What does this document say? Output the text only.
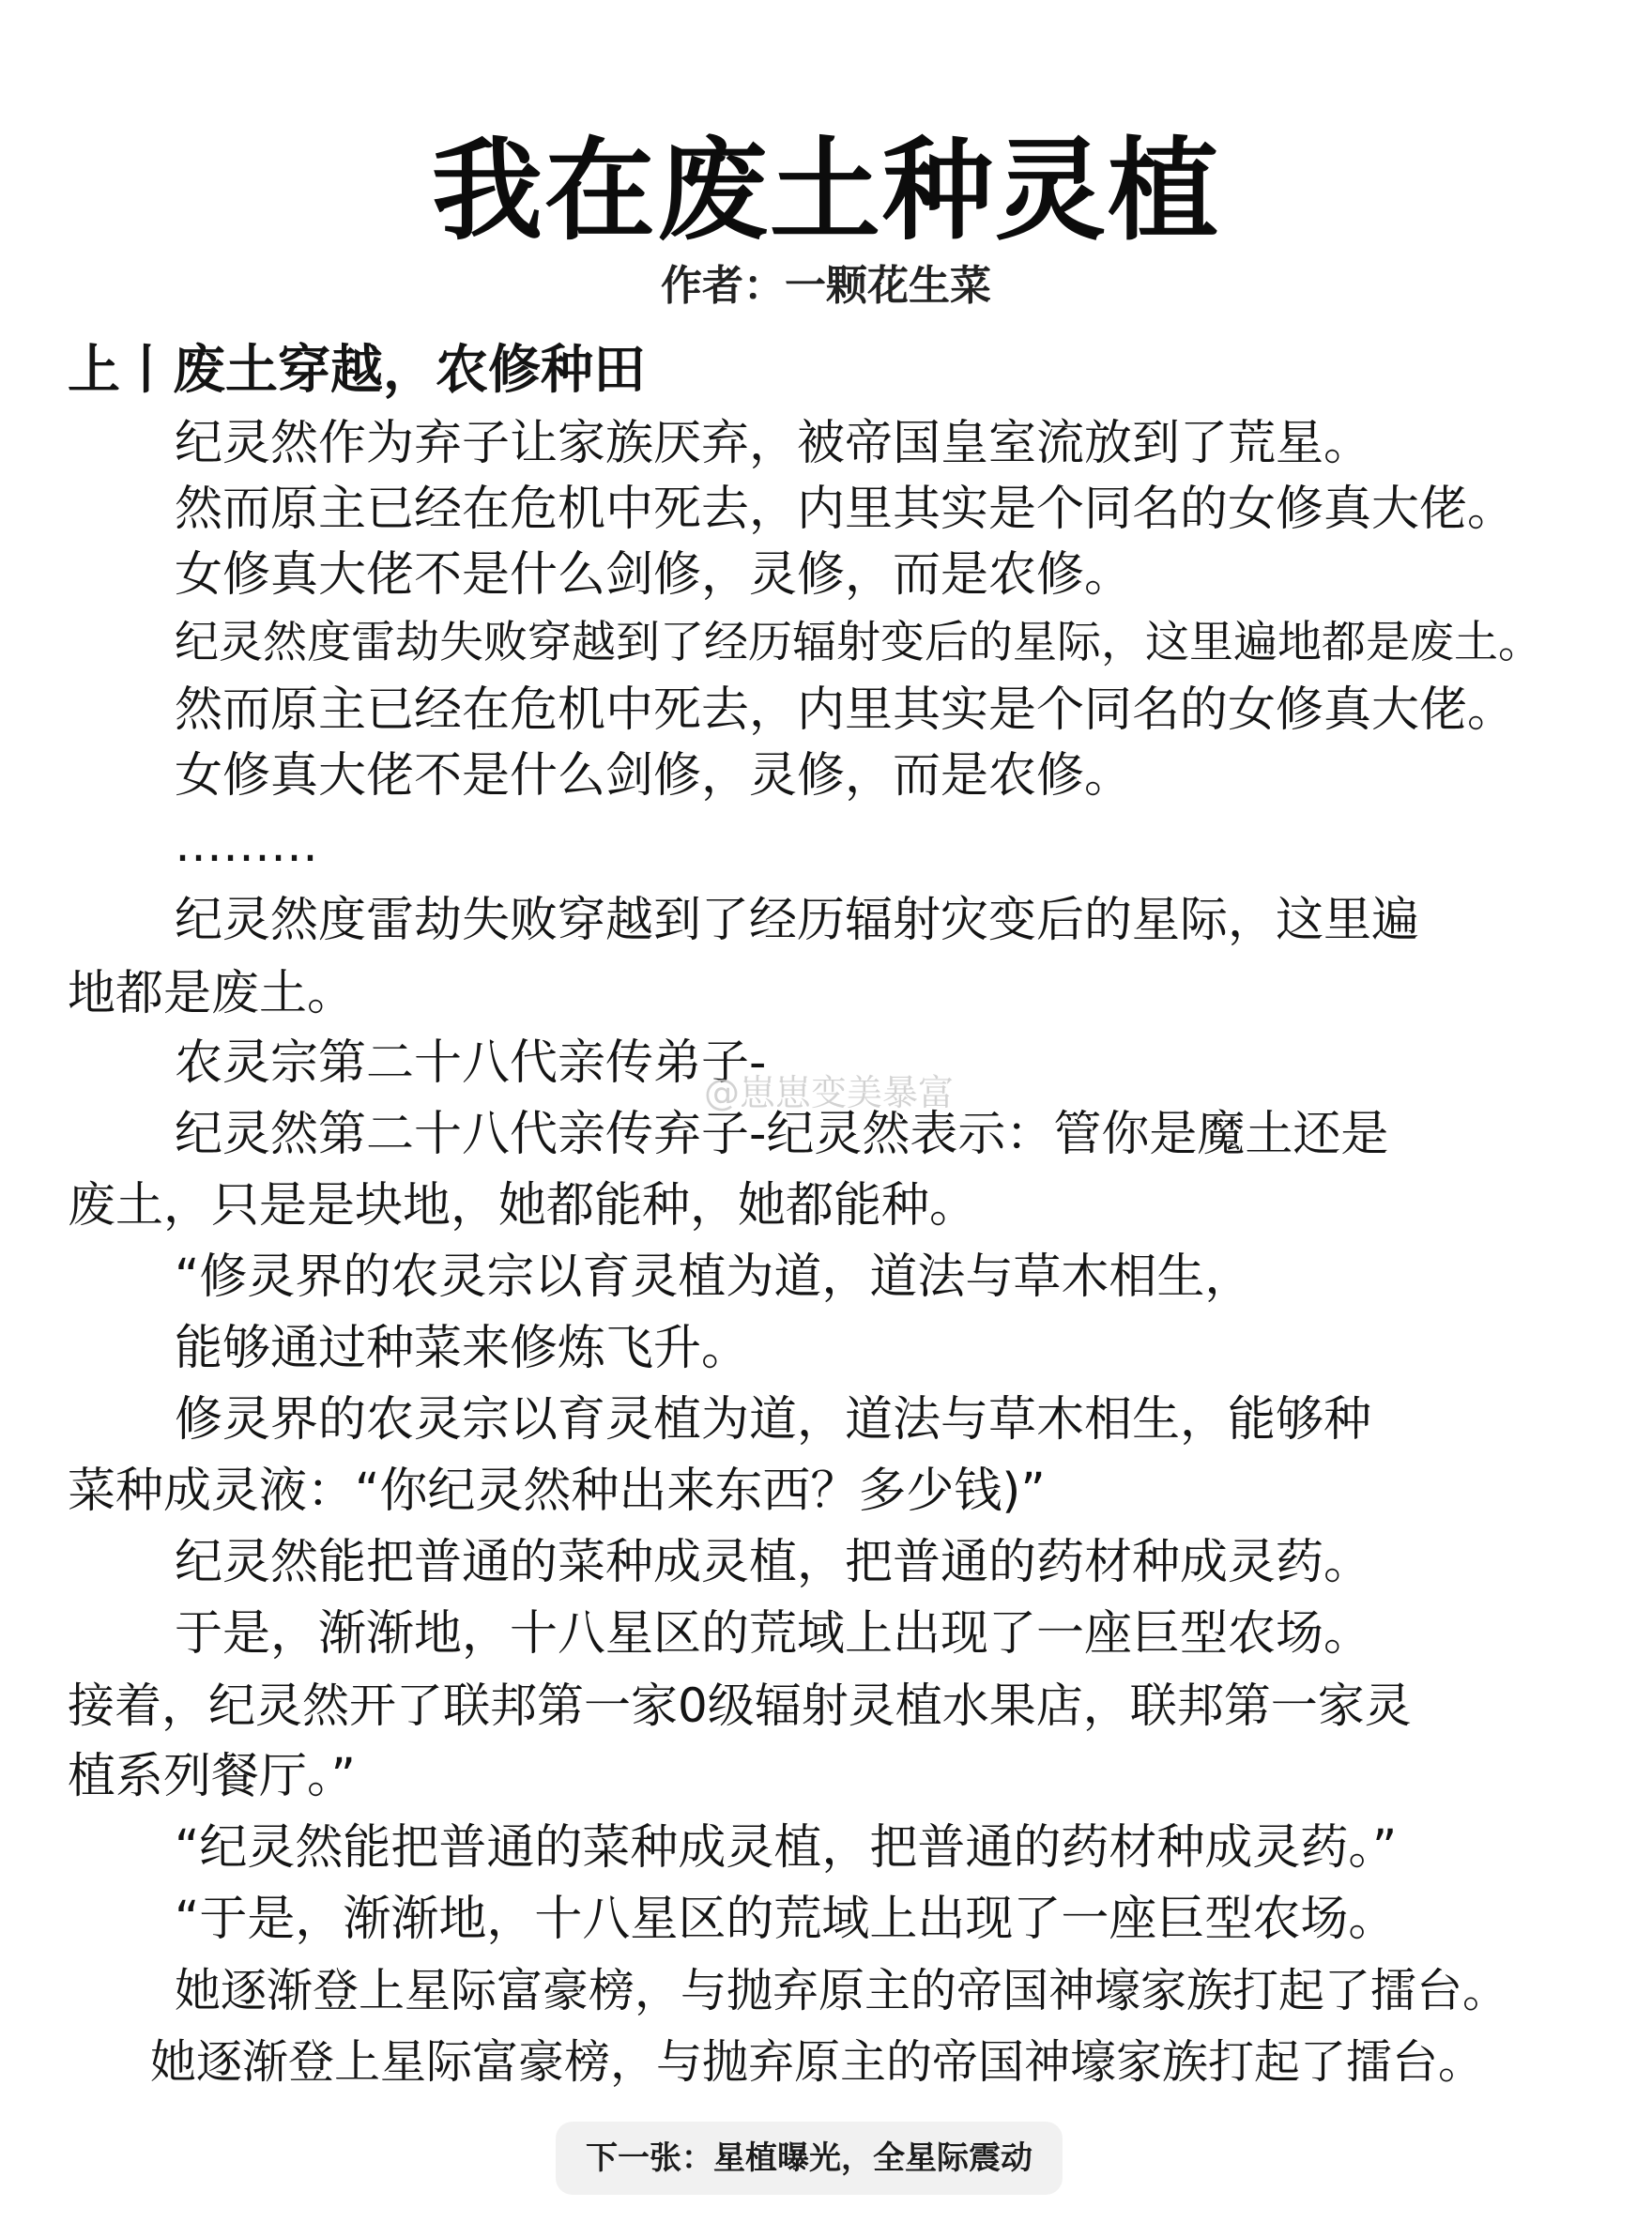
我在废土种灵植
作者：一颗花生菜
上丨废土穿越，农修种田
纪灵然作为弃子让家族厌弃，被帝国皇室流放到了荒星。
然而原主已经在危机中死去，内里其实是个同名的女修真大佬。
女修真大佬不是什么剑修，灵修，而是农修。
纪灵然度雷劫失败穿越到了经历辐射变后的星际，这里遍地都是废土。
然而原主已经在危机中死去，内里其实是个同名的女修真大佬。
女修真大佬不是什么剑修，灵修，而是农修。
………
纪灵然度雷劫失败穿越到了经历辐射灾变后的星际，这里遍
地都是废土。
农灵宗第二十八代亲传弟子-
纪灵然第二十八代亲传弃子-纪灵然表示：管你是魔土还是
废土，只是是块地，她都能种，她都能种。
“修灵界的农灵宗以育灵植为道，道法与草木相生，
能够通过种菜来修炼飞升。
修灵界的农灵宗以育灵植为道，道法与草木相生，能够种
菜种成灵液：“你纪灵然种出来东西？多少钱)”
纪灵然能把普通的菜种成灵植，把普通的药材种成灵药。
于是，渐渐地，十八星区的荒域上出现了一座巨型农场。
接着，纪灵然开了联邦第一家0级辐射灵植水果店，联邦第一家灵
植系列餐厅。”
“纪灵然能把普通的菜种成灵植，把普通的药材种成灵药。”
“于是，渐渐地，十八星区的荒域上出现了一座巨型农场。
她逐渐登上星际富豪榜，与抛弃原主的帝国神壕家族打起了擂台。
她逐渐登上星际富豪榜，与抛弃原主的帝国神壕家族打起了擂台。
@崽崽变美暴富
下一张：星植曝光，全星际震动
